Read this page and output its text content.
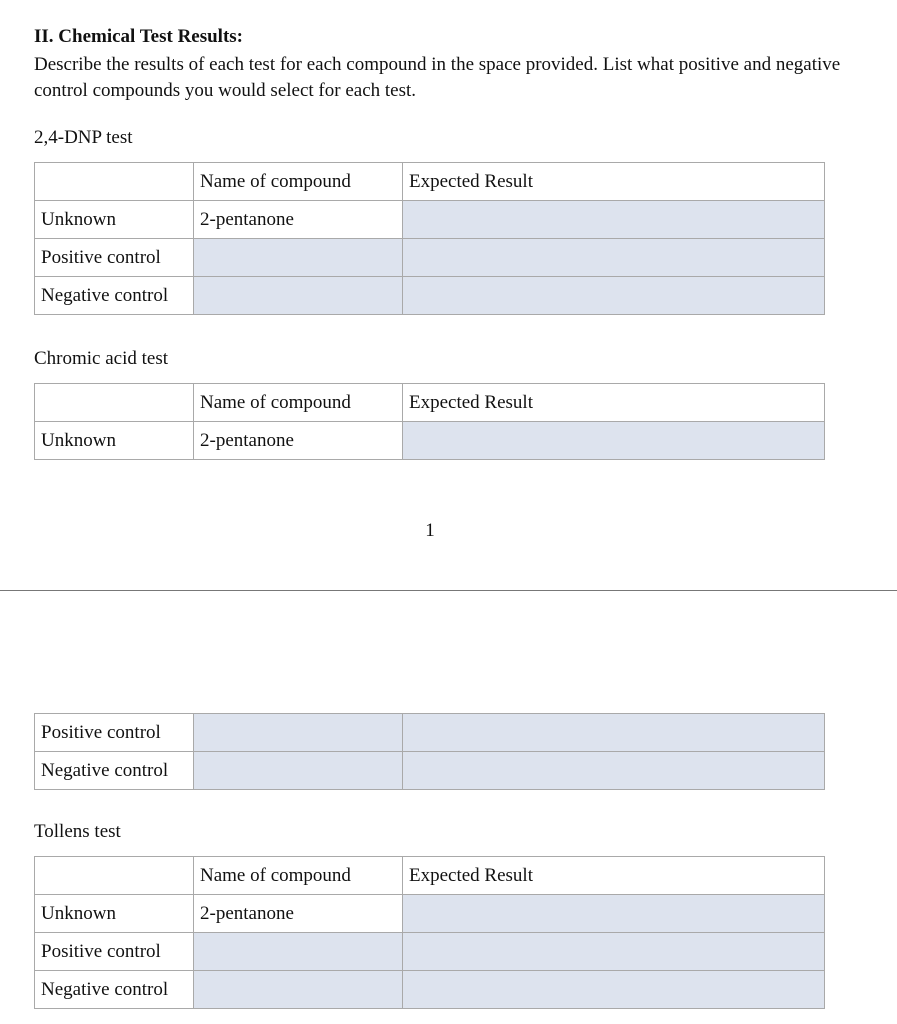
II. Chemical Test Results:
Describe the results of each test for each compound in the space provided. List what positive and negative control compounds you would select for each test.
2,4-DNP test
	Name of compound	Expected Result
Unknown	2-pentanone	
Positive control		
Negative control		
Chromic acid test
	Name of compound	Expected Result
Unknown	2-pentanone	
1
Positive control		
Negative control		
Tollens test
	Name of compound	Expected Result
Unknown	2-pentanone	
Positive control		
Negative control		
